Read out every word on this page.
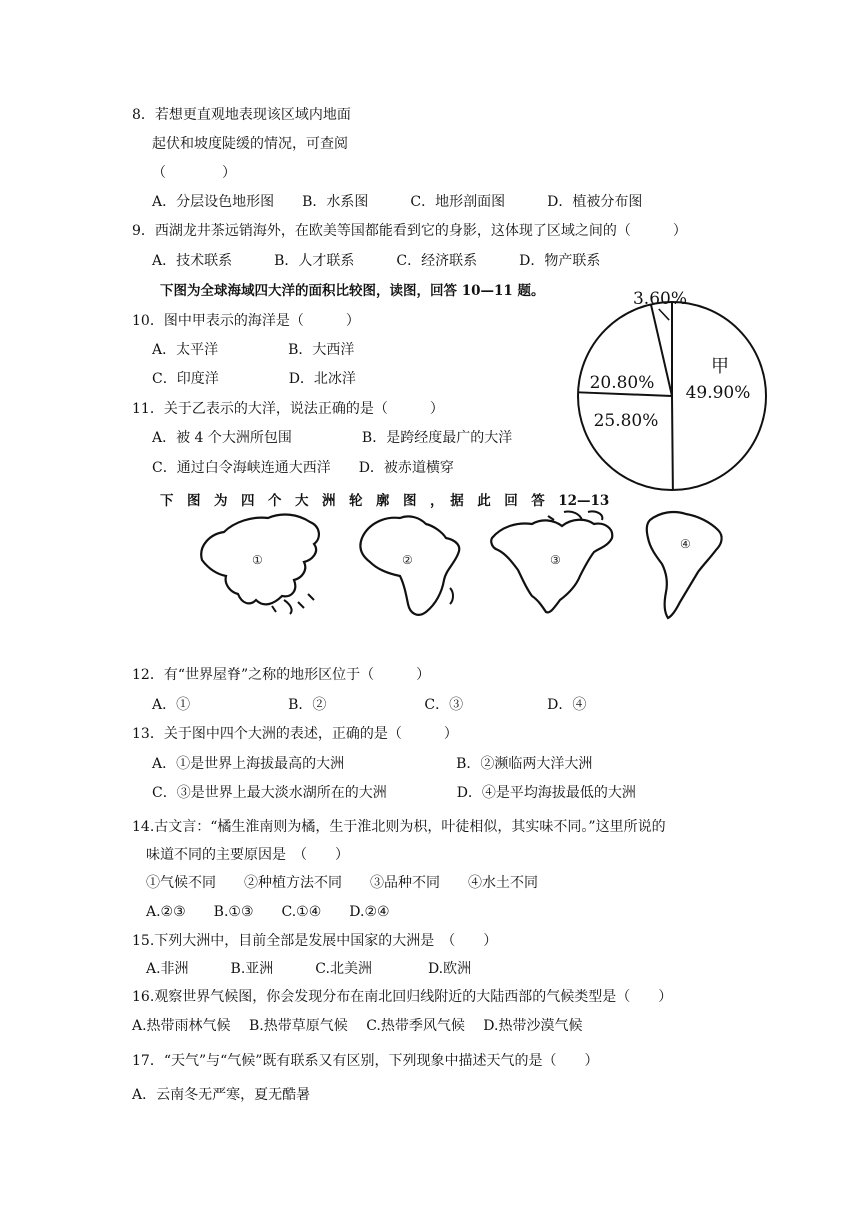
8．若想更直观地表现该区域内地面
起伏和坡度陡缓的情况，可查阅
（　　　　）
A．分层设色地形图　　B．水系图　　　C．地形剖面图　　　D．植被分布图
9．西湖龙井茶远销海外，在欧美等国都能看到它的身影，这体现了区域之间的（　　　）
A．技术联系　　　B．人才联系　　　C．经济联系　　　D．物产联系
下图为全球海域四大洋的面积比较图，读图，回答 10—11 题。
10．图中甲表示的海洋是（　　　）
A．太平洋　　　　　B．大西洋
C．印度洋　　　　　D．北冰洋
11．关于乙表示的大洋，说法正确的是（　　　）
A．被 4 个大洲所包围　　　　　B．是跨经度最广的大洋
C．通过白令海峡连通大西洋　　D．被赤道横穿
甲
49.90%
25.80%
20.80%
3.60%
下　图　为　四　个　大　洲　轮　廓　图　，　据　此　回　答　12—13
①	②	③
④
12．有“世界屋脊”之称的地形区位于（　　　）
A．①　　　　　　　B．②　　　　　　　C．③　　　　　　D．④
13．关于图中四个大洲的表述，正确的是（　　　）
A．①是世界上海拔最高的大洲　　　　　　　　B．②濒临两大洋大洲
C．③是世界上最大淡水湖所在的大洲　　　　　D．④是平均海拔最低的大洲
14.古文言：“橘生淮南则为橘，生于淮北则为枳，叶徒相似，其实味不同。”这里所说的
味道不同的主要原因是　（　　）
①气候不同　　②种植方法不同　　③品种不同　　④水土不同
A.②③　　B.①③　　C.①④　　D.②④
15.下列大洲中，目前全部是发展中国家的大洲是　（　　）
A.非洲　　　B.亚洲　　　C.北美洲　　　　D.欧洲
16.观察世界气候图，你会发现分布在南北回归线附近的大陆西部的气候类型是（　　）
A.热带雨林气候　 B.热带草原气候　 C.热带季风气候　 D.热带沙漠气候
17．“天气”与“气候”既有联系又有区别，下列现象中描述天气的是（　　）
A．云南冬无严寒，夏无酷暑
